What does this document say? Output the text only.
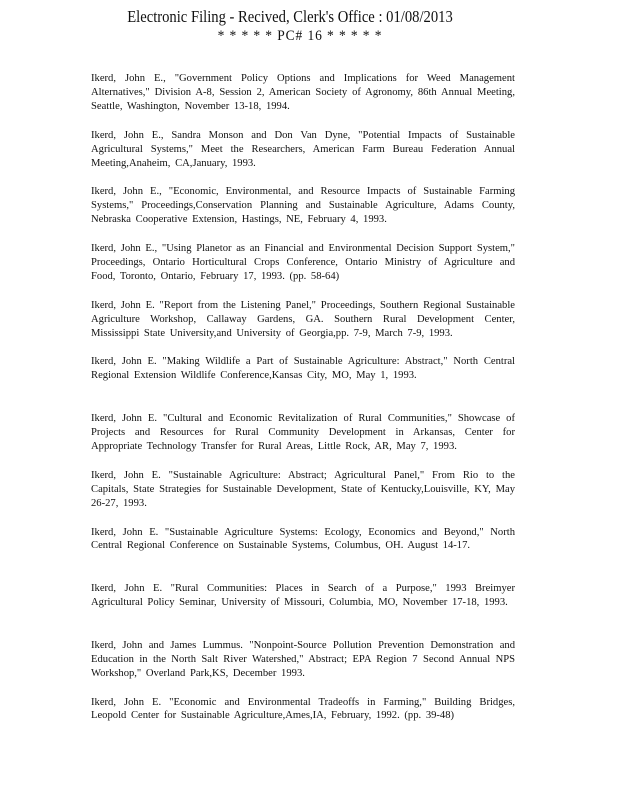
Electronic Filing - Recived, Clerk's Office : 01/08/2013
* * * * * PC# 16 * * * * *

Ikerd, John E., "Government Policy Options and Implications for Weed Management Alternatives," Division A-8, Session 2, American Society of Agronomy, 86th Annual Meeting, Seattle, Washington, November 13-18, 1994.

Ikerd, John E., Sandra Monson and Don Van Dyne, "Potential Impacts of Sustainable Agricultural Systems," Meet the Researchers, American Farm Bureau Federation Annual Meeting,Anaheim, CA,January, 1993.

Ikerd, John E., "Economic, Environmental, and Resource Impacts of Sustainable Farming Systems," Proceedings,Conservation Planning and Sustainable Agriculture, Adams County, Nebraska Cooperative Extension, Hastings, NE, February 4, 1993.

Ikerd, John E., "Using Planetor as an Financial and Environmental Decision Support System," Proceedings, Ontario Horticultural Crops Conference, Ontario Ministry of Agriculture and Food, Toronto, Ontario, February 17, 1993. (pp. 58-64)

Ikerd, John E. "Report from the Listening Panel," Proceedings, Southern Regional Sustainable Agriculture Workshop, Callaway Gardens, GA. Southern Rural Development Center, Mississippi State University,and University of Georgia,pp. 7-9, March 7-9, 1993.

Ikerd, John E. "Making Wildlife a Part of Sustainable Agriculture: Abstract," North Central Regional Extension Wildlife Conference,Kansas City, MO, May 1, 1993.

Ikerd, John E. "Cultural and Economic Revitalization of Rural Communities," Showcase of Projects and Resources for Rural Community Development in Arkansas, Center for Appropriate Technology Transfer for Rural Areas, Little Rock, AR, May 7, 1993.

Ikerd, John E. "Sustainable Agriculture: Abstract; Agricultural Panel," From Rio to the Capitals, State Strategies for Sustainable Development, State of Kentucky,Louisville, KY, May 26-27, 1993.

Ikerd, John E. "Sustainable Agriculture Systems: Ecology, Economics and Beyond," North Central Regional Conference on Sustainable Systems, Columbus, OH. August 14-17.

Ikerd, John E. "Rural Communities: Places in Search of a Purpose," 1993 Breimyer Agricultural Policy Seminar, University of Missouri, Columbia, MO, November 17-18, 1993.

Ikerd, John and James Lummus. "Nonpoint-Source Pollution Prevention Demonstration and Education in the North Salt River Watershed," Abstract; EPA Region 7 Second Annual NPS Workshop," Overland Park,KS, December 1993.

Ikerd, John E. "Economic and Environmental Tradeoffs in Farming," Building Bridges, Leopold Center for Sustainable Agriculture,Ames,IA, February, 1992. (pp. 39-48)
